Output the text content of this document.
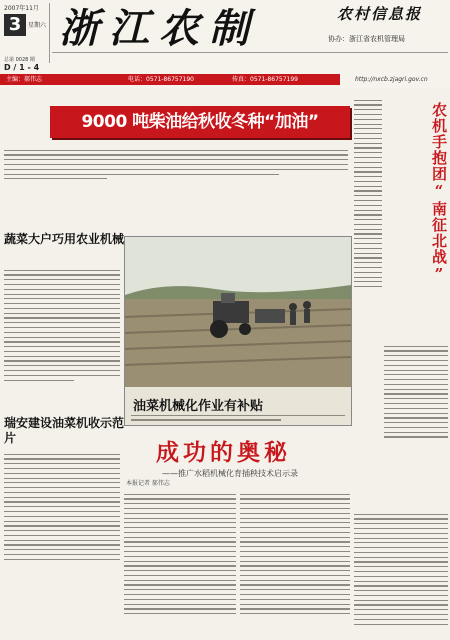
2007年11月
3 星期六
总第 0028 期
D / 1 - 4
浙江农制	农村信息报
协办：浙江省农机管理局
主编：郝伟志	电话：0571-86757190	传真：0571-86757199	http://nxcb.zjagri.gov.cn
9000 吨柴油给秋收冬种“加油”
蔬菜大户巧用农业机械
瑞安建设油菜机收示范片
油菜机械化作业有补贴
成功的奥秘
——推广水稻机械化育插秧技术启示录
本报记者 郝伟志
农机手抱团“南征北战”
